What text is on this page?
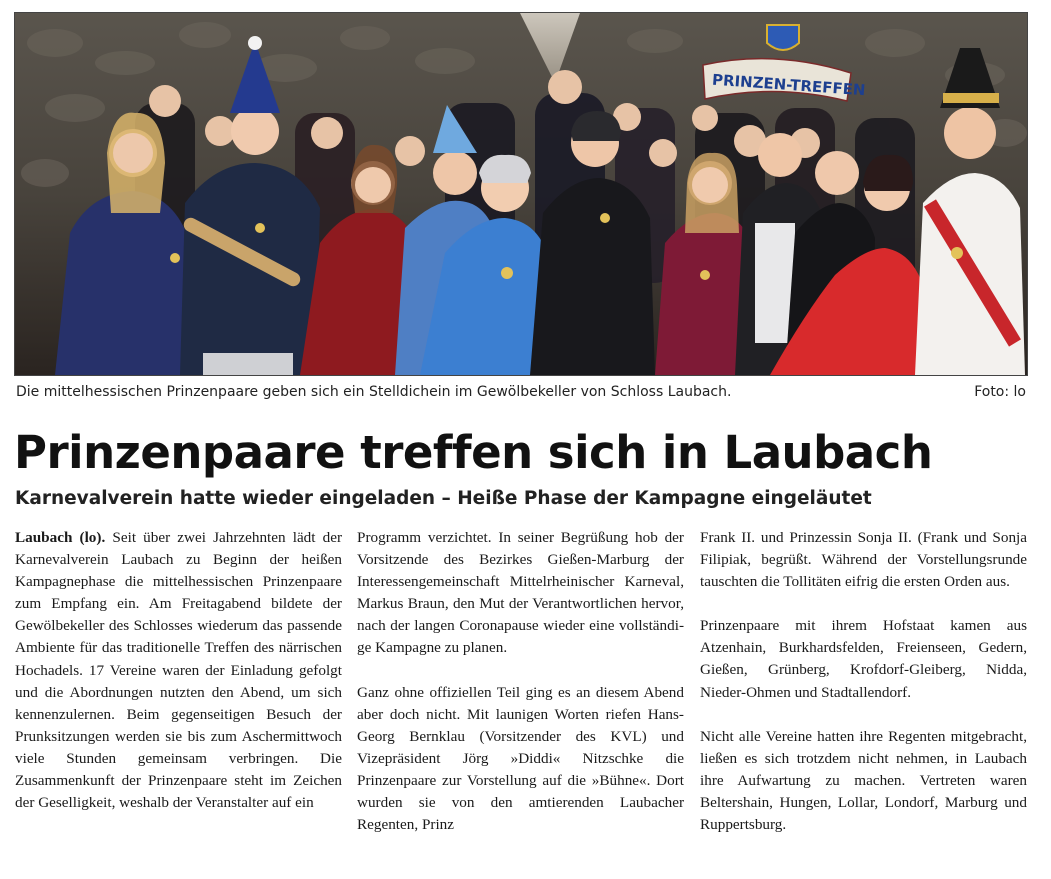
PRINZEN-TREFFEN
Die mittelhessischen Prinzenpaare geben sich ein Stelldichein im Gewölbekeller von Schloss Laubach.	Foto: lo
Prinzenpaare treffen sich in Laubach
Karnevalverein hatte wieder eingeladen – Heiße Phase der Kampagne eingeläutet

Laubach (lo). Seit über zwei Jahrzehnten lädt der Karnevalverein Laubach zu Beginn der heißen Kampagnephase die mittelhessischen Prinzenpaare zum Empfang ein. Am Freitagabend bildete der Gewölbekeller des Schlosses wiederum das passende Ambiente für das traditionelle Treffen des närrischen Hochadels. 17 Vereine waren der Einladung gefolgt und die Abordnungen nutzten den Abend, um sich kennenzulernen. Beim gegenseitigen Besuch der Prunksitzungen werden sie bis zum Aschermittwoch viele Stunden gemeinsam verbringen. Die Zusammenkunft der Prinzenpaare steht im Zeichen der Geselligkeit, weshalb der Veranstalter auf ein

Programm verzichtet. In seiner Begrüßung hob der Vorsitzende des Bezirkes Gießen-Marburg der Interessengemeinschaft Mittelrheinischer Karneval, Markus Braun, den Mut der Verantwortlichen hervor, nach der langen Coronapause wieder eine vollständige Kampagne zu planen.

Ganz ohne offiziellen Teil ging es an diesem Abend aber doch nicht. Mit launigen Worten riefen Hans-Georg Bernklau (Vorsitzender des KVL) und Vizepräsident Jörg »Diddi« Nitzschke die Prinzenpaare zur Vorstellung auf die »Bühne«. Dort wurden sie von den amtierenden Laubacher Regenten, Prinz

Frank II. und Prinzessin Sonja II. (Frank und Sonja Filipiak, begrüßt. Während der Vorstellungsrunde tauschten die Tollitäten eifrig die ersten Orden aus.

Prinzenpaare mit ihrem Hofstaat kamen aus Atzenhain, Burkhardsfelden, Freienseen, Gedern, Gießen, Grünberg, Krofdorf-Gleiberg, Nidda, Nieder-Ohmen und Stadtallendorf.

Nicht alle Vereine hatten ihre Regenten mitgebracht, ließen es sich trotzdem nicht nehmen, in Laubach ihre Aufwartung zu machen. Vertreten waren Beltershain, Hungen, Lollar, Londorf, Marburg und Ruppertsburg.
